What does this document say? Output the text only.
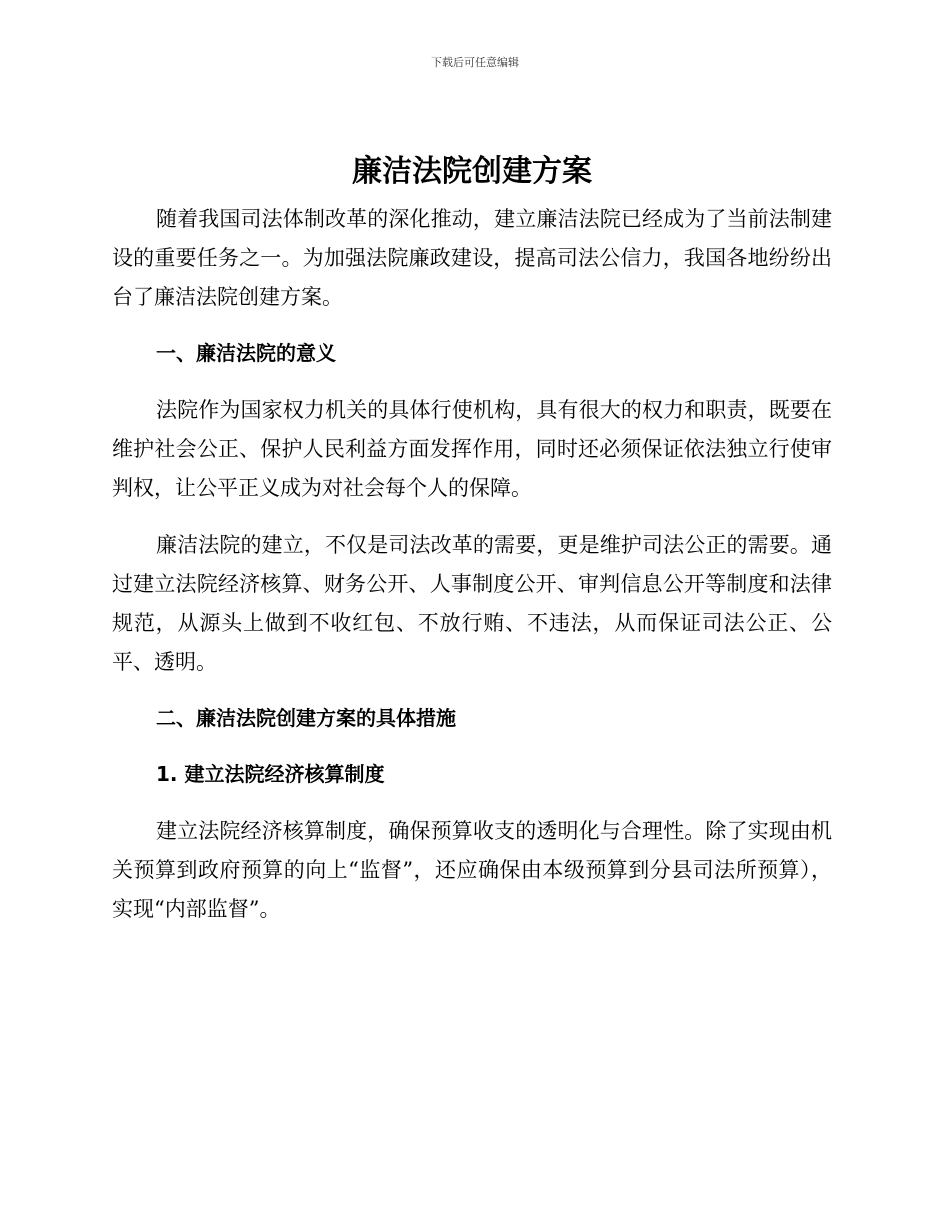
下载后可任意编辑
廉洁法院创建方案

随着我国司法体制改革的深化推动，建立廉洁法院已经成为了当前法制建设的重要任务之一。为加强法院廉政建设，提高司法公信力，我国各地纷纷出台了廉洁法院创建方案。

一、廉洁法院的意义

法院作为国家权力机关的具体行使机构，具有很大的权力和职责，既要在维护社会公正、保护人民利益方面发挥作用，同时还必须保证依法独立行使审判权，让公平正义成为对社会每个人的保障。

廉洁法院的建立，不仅是司法改革的需要，更是维护司法公正的需要。通过建立法院经济核算、财务公开、人事制度公开、审判信息公开等制度和法律规范，从源头上做到不收红包、不放行贿、不违法，从而保证司法公正、公平、透明。

二、廉洁法院创建方案的具体措施
1. 建立法院经济核算制度

建立法院经济核算制度，确保预算收支的透明化与合理性。除了实现由机关预算到政府预算的向上“监督”，还应确保由本级预算到分县司法所预算），实现“内部监督”。
